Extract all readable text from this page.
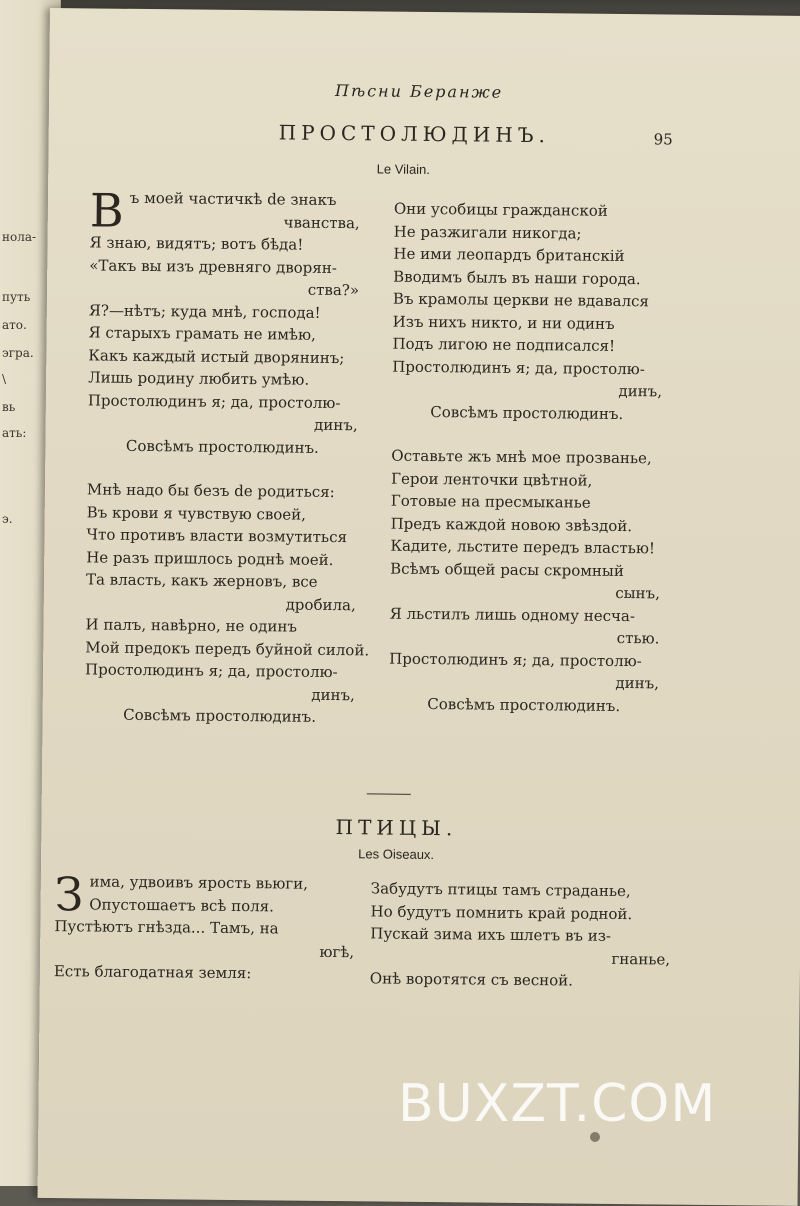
нола-
путь
ато.
эгра.
\
вь
ать:
э.
Пѣсни Беранже
95
ПРОСТОЛЮДИНЪ.
Le Vilain.
В ъ моей частичкѣ de знакъ
чванства,
Я знаю, видятъ; вотъ бѣда!
«Такъ вы изъ древняго дворян-
ства?»
Я?—нѣтъ; куда мнѣ, господа!
Я старыхъ грамать не имѣю,
Какъ каждый истый дворянинъ;
Лишь родину любить умѣю.
Простолюдинъ я; да, простолю-
динъ,
Совсѣмъ простолюдинъ.
Мнѣ надо бы безъ de родиться:
Въ крови я чувствую своей,
Что противъ власти возмутиться
Не разъ пришлось роднѣ моей.
Та власть, какъ жерновъ, все
дробила,
И палъ, навѣрно, не одинъ
Мой предокъ передъ буйной силой.
Простолюдинъ я; да, простолю-
динъ,
Совсѣмъ простолюдинъ.
Они усобицы гражданской
Не разжигали никогда;
Не ими леопардъ британскій
Вводимъ былъ въ наши города.
Въ крамолы церкви не вдавался
Изъ нихъ никто, и ни одинъ
Подъ лигою не подписался!
Простолюдинъ я; да, простолю-
динъ,
Совсѣмъ простолюдинъ.
Оставьте жъ мнѣ мое прозванье,
Герои ленточки цвѣтной,
Готовые на пресмыканье
Предъ каждой новою звѣздой.
Кадите, льстите передъ властью!
Всѣмъ общей расы скромный
сынъ,
Я льстилъ лишь одному несча-
стью.
Простолюдинъ я; да, простолю-
динъ,
Совсѣмъ простолюдинъ.
ПТИЦЫ.
Les Oiseaux.
З има, удвоивъ ярость вьюги,
Опустошаетъ всѣ поля.
Пустѣютъ гнѣзда... Тамъ, на
югѣ,
Есть благодатная земля:
Забудутъ птицы тамъ страданье,
Но будутъ помнить край родной.
Пускай зима ихъ шлетъ въ из-
гнанье,
Онѣ воротятся съ весной.
BUXZT.COM
